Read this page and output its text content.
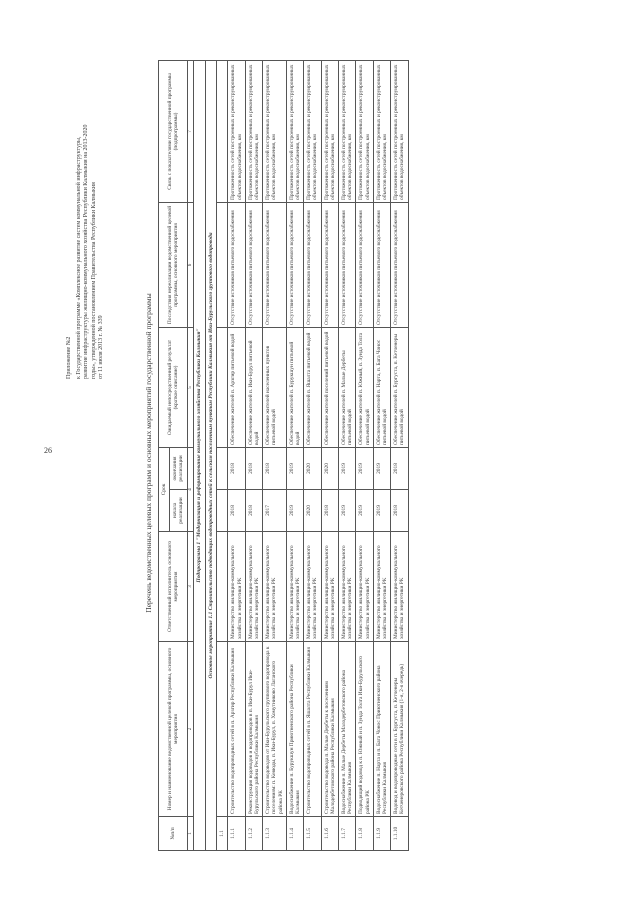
26
Приложение №2 к Государственной программе «Комплексное развитие систем коммунальной инфраструктуры, развитие инфраструктуры жилищно-коммунального хозяйства Республики Калмыкия на 2013-2020 годы», утвержденной постановлением Правительства Республики Калмыкия от 11 июля 2013 г. № 339	Перечень ведомственных целевых программ и основных мероприятий государственной программы
№п/п	Номер и наименование ведомственной целевой программы, основного мероприятия	Ответственный исполнитель основного мероприятия	Срок		Ожидаемый непосредственный результат (краткое описание)	Последствия нереализации ведомственной целевой программы, основного мероприятия	Связь с показателями государственной программы (подпрограммы)
			начала реализации	окончания реализации			
1	2	3	4		5	6	7
Подпрограмма 1 "Модернизация и реформирование коммунального хозяйства Республики Калмыкия"							
Основное мероприятие 1.1 Строительство подводящих водопроводных сетей к сельским населенным пунктам Республики Калмыкия от Ики-Бурульского группового водопровода							
1.1							
1.1.1	Строительство водопроводных сетей в п. Арзгир Республики Калмыкия	Министерство жилищно-коммунального хозяйства и энергетики РК	2018	2018	Обеспечение жителей п. Арзгир питьевой водой	Отсутствие источников питьевого водоснабжения	Протяженность сетей построенных и реконструированных объектов водоснабжения, км
1.1.2	Реконструкция водоводов и водопроводов в п. Ики-Бурул Ики-Бурульского района Республики Калмыкия	Министерство жилищно-коммунального хозяйства и энергетики РК	2018	2018	Обеспечение жителей п. Ики-Бурул питьевой водой	Отсутствие источников питьевого водоснабжения	Протяженность сетей построенных и реконструированных объектов водоснабжения, км
1.1.3	Строительство водоводов от Ики-Бурульского группового водопровода к поселениям: п. Кевюды, п. Ики-Бурул, п. Хомутниково Лаганского района РК	Министерство жилищно-коммунального хозяйства и энергетики РК	2017	2018	Обеспечение жителей населенных пунктов питьевой водой	Отсутствие источников питьевого водоснабжения	Протяженность сетей построенных и реконструированных объектов водоснабжения, км
1.1.4	Водоснабжение п. Бурукшун Приютненского района Республики Калмыкия	Министерство жилищно-коммунального хозяйства и энергетики РК	2019	2019	Обеспечение жителей п. Бурукшун питьевой водой	Отсутствие источников питьевого водоснабжения	Протяженность сетей построенных и реконструированных объектов водоснабжения, км
1.1.5	Строительство водопроводных сетей в п. Яшалта Республики Калмыкия	Министерство жилищно-коммунального хозяйства и энергетики РК	2020	2020	Обеспечение жителей п. Яшалта питьевой водой	Отсутствие источников питьевого водоснабжения	Протяженность сетей построенных и реконструированных объектов водоснабжения, км
1.1.6	Строительство водовода п. Малые Дербеты к поселениям Малодербетовского района Республики Калмыкия	Министерство жилищно-коммунального хозяйства и энергетики РК	2018	2020	Обеспечение жителей поселений питьевой водой	Отсутствие источников питьевого водоснабжения	Протяженность сетей построенных и реконструированных объектов водоснабжения, км
1.1.7	Водоснабжение п. Малые Дербеты Малодербетовского района Республики Калмыкия	Министерство жилищно-коммунального хозяйства и энергетики РК	2019	2019	Обеспечение жителей п. Малые Дербеты питьевой водой	Отсутствие источников питьевого водоснабжения	Протяженность сетей построенных и реконструированных объектов водоснабжения, км
1.1.8	Подводящий водовод к п. Южный и п. Зунда Толга Ики-Бурульского района РК	Министерство жилищно-коммунального хозяйства и энергетики РК	2019	2019	Обеспечение жителей п. Южный, п. Зунда Толга питьевой водой	Отсутствие источников питьевого водоснабжения	Протяженность сетей построенных и реконструированных объектов водоснабжения, км
1.1.9	Водоснабжение п. Нарта и п. Бага Чонос Приютненского района Республики Калмыкия	Министерство жилищно-коммунального хозяйства и энергетики РК	2019	2019	Обеспечение жителей п. Нарта, п. Бага Чонос питьевой водой	Отсутствие источников питьевого водоснабжения	Протяженность сетей построенных и реконструированных объектов водоснабжения, км
1.1.10	Водовод и водопроводные сети в п. Бургуста, п. Кетченеры Кетченеровского района Республики Калмыкия (1-я, 2-я очередь)	Министерство жилищно-коммунального хозяйства и энергетики РК	2018	2018	Обеспечение жителей п. Бургуста, п. Кетченеры питьевой водой	Отсутствие источников питьевого водоснабжения	Протяженность сетей построенных и реконструированных объектов водоснабжения, км
